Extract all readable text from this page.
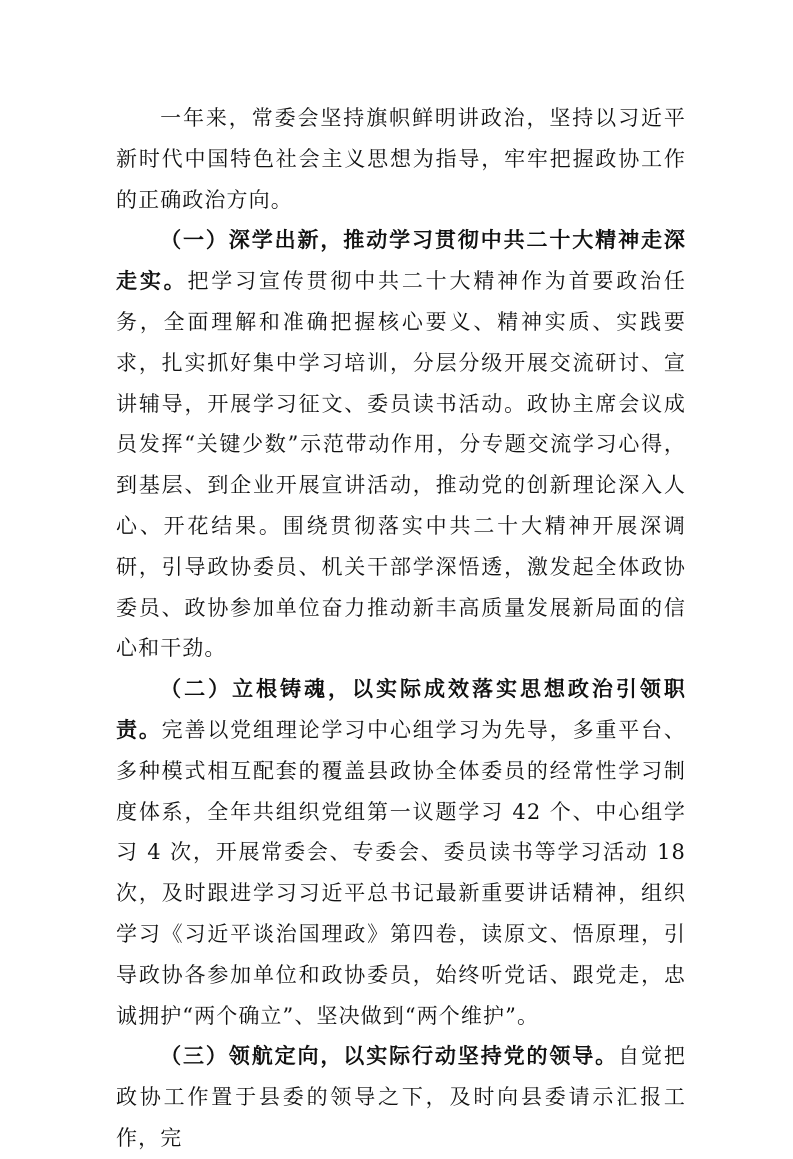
一年来，常委会坚持旗帜鲜明讲政治，坚持以习近平新时代中国特色社会主义思想为指导，牢牢把握政协工作的正确政治方向。

（一）深学出新，推动学习贯彻中共二十大精神走深走实。把学习宣传贯彻中共二十大精神作为首要政治任务，全面理解和准确把握核心要义、精神实质、实践要求，扎实抓好集中学习培训，分层分级开展交流研讨、宣讲辅导，开展学习征文、委员读书活动。政协主席会议成员发挥“关键少数”示范带动作用，分专题交流学习心得，到基层、到企业开展宣讲活动，推动党的创新理论深入人心、开花结果。围绕贯彻落实中共二十大精神开展深调研，引导政协委员、机关干部学深悟透，激发起全体政协委员、政协参加单位奋力推动新丰高质量发展新局面的信心和干劲。

（二）立根铸魂，以实际成效落实思想政治引领职责。完善以党组理论学习中心组学习为先导，多重平台、多种模式相互配套的覆盖县政协全体委员的经常性学习制度体系，全年共组织党组第一议题学习 42 个、中心组学习 4 次，开展常委会、专委会、委员读书等学习活动 18 次，及时跟进学习习近平总书记最新重要讲话精神，组织学习《习近平谈治国理政》第四卷，读原文、悟原理，引导政协各参加单位和政协委员，始终听党话、跟党走，忠诚拥护“两个确立”、坚决做到“两个维护”。

（三）领航定向，以实际行动坚持党的领导。自觉把政协工作置于县委的领导之下，及时向县委请示汇报工作，完
